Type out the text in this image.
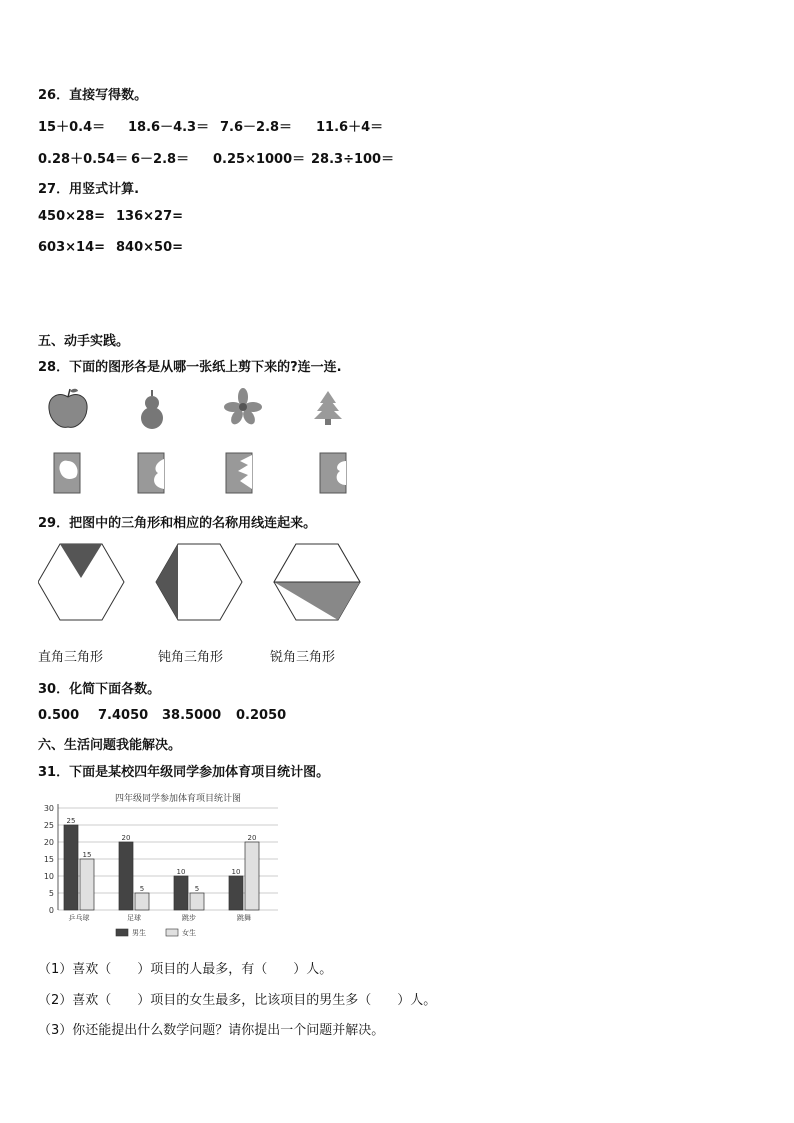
26．直接写得数。
15＋0.4＝ 18.6－4.3＝ 7.6－2.8＝ 11.6＋4＝
0.28＋0.54＝ 6－2.8＝ 0.25×1000＝ 28.3÷100＝
27．用竖式计算.
450×28= 136×27=
603×14= 840×50=
五、动手实践。
28．下面的图形各是从哪一张纸上剪下来的?连一连.
29．把图中的三角形和相应的名称用线连起来。
直角三角形	钝角三角形	锐角三角形
30．化简下面各数。
0.500 7.4050 38.5000 0.2050
六、生活问题我能解决。
31．下面是某校四年级同学参加体育项目统计图。
四年级同学参加体育项目统计图
0
5
10
15
20
25
30
25
15
20
5
10
5
10
20
乒乓球	足球	跳步	跳舞
男生	女生
（1）喜欢（　　）项目的人最多，有（　　）人。
（2）喜欢（　　）项目的女生最多，比该项目的男生多（　　）人。
（3）你还能提出什么数学问题？请你提出一个问题并解决。
